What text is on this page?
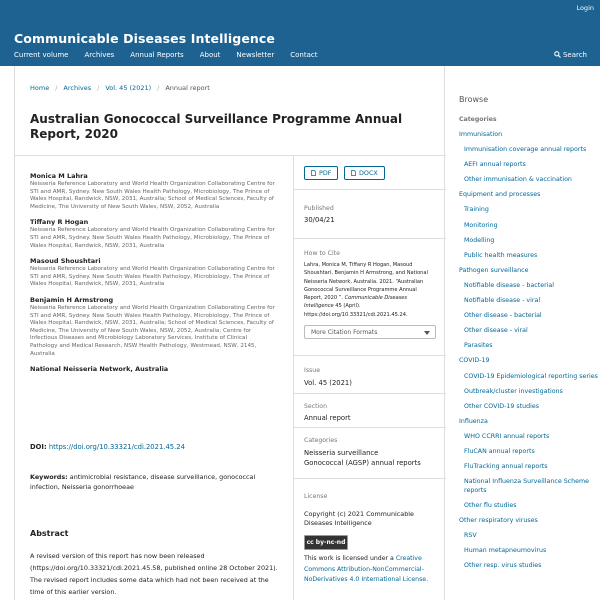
Login
Communicable Diseases Intelligence
Current volume Archives Annual Reports About Newsletter Contact	Search
Home / Archives / Vol. 45 (2021) / Annual report
Australian Gonococcal Surveillance Programme Annual Report, 2020
Monica M Lahra
Neisseria Reference Laboratory and World Health Organization Collaborating Centre for STI and AMR, Sydney. New South Wales Health Pathology, Microbiology, The Prince of Wales Hospital, Randwick, NSW, 2031, Australia; School of Medical Sciences, Faculty of Medicine, The University of New South Wales, NSW, 2052, Australia
Tiffany R Hogan
Neisseria Reference Laboratory and World Health Organization Collaborating Centre for STI and AMR, Sydney. New South Wales Health Pathology, Microbiology, The Prince of Wales Hospital, Randwick, NSW, 2031, Australia
Masoud Shoushtari
Neisseria Reference Laboratory and World Health Organization Collaborating Centre for STI and AMR, Sydney. New South Wales Health Pathology, Microbiology, The Prince of Wales Hospital, Randwick, NSW, 2031, Australia
Benjamin H Armstrong
Neisseria Reference Laboratory and World Health Organization Collaborating Centre for STI and AMR, Sydney. New South Wales Health Pathology, Microbiology, The Prince of Wales Hospital, Randwick, NSW, 2031, Australia; School of Medical Sciences, Faculty of Medicine, The University of New South Wales, NSW, 2052, Australia; Centre for Infectious Diseases and Microbiology Laboratory Services, Institute of Clinical Pathology and Medical Research, NSW Health Pathology, Westmead, NSW, 2145, Australia
National Neisseria Network, Australia
DOI: https://doi.org/10.33321/cdi.2021.45.24
Keywords: antimicrobial resistance, disease surveillance, gonococcal infection, Neisseria gonorrhoeae
Abstract
A revised version of this report has now been released (https://doi.org/10.33321/cdi.2021.45.58, published online 28 October 2021). The revised report includes some data which had not been received at the time of this earlier version.
PDF	DOCX
Published
30/04/21
How to Cite
Lahra, Monica M, Tiffany R Hogan, Masoud Shoushtari, Benjamin H Armstrong, and National Neisseria Network, Australia. 2021. “Australian Gonococcal Surveillance Programme Annual Report, 2020 ”. Communicable Diseases Intelligence 45 (April). https://doi.org/10.33321/cdi.2021.45.24.
More Citation Formats
Issue
Vol. 45 (2021)
Section
Annual report
Categories
Neisseria surveillance
Gonococcal (AGSP) annual reports
License
Copyright (c) 2021 Communicable Diseases Intelligence
cc by-nc-nd
This work is licensed under a Creative Commons Attribution-NonCommercial-NoDerivatives 4.0 International License.
Browse
Categories
Immunisation
Immunisation coverage annual reports
AEFI annual reports
Other immunisation & vaccination
Equipment and processes
Training
Monitoring
Modelling
Public health measures
Pathogen surveillance
Notifiable disease - bacterial
Notifiable disease - viral
Other disease - bacterial
Other disease - viral
Parasites
COVID-19
COVID-19 Epidemiological reporting series
Outbreak/cluster investigations
Other COVID-19 studies
Influenza
WHO CCRRI annual reports
FluCAN annual reports
FluTracking annual reports
National Influenza Surveillance Scheme reports
Other flu studies
Other respiratory viruses
RSV
Human metapneumovirus
Other resp. virus studies
